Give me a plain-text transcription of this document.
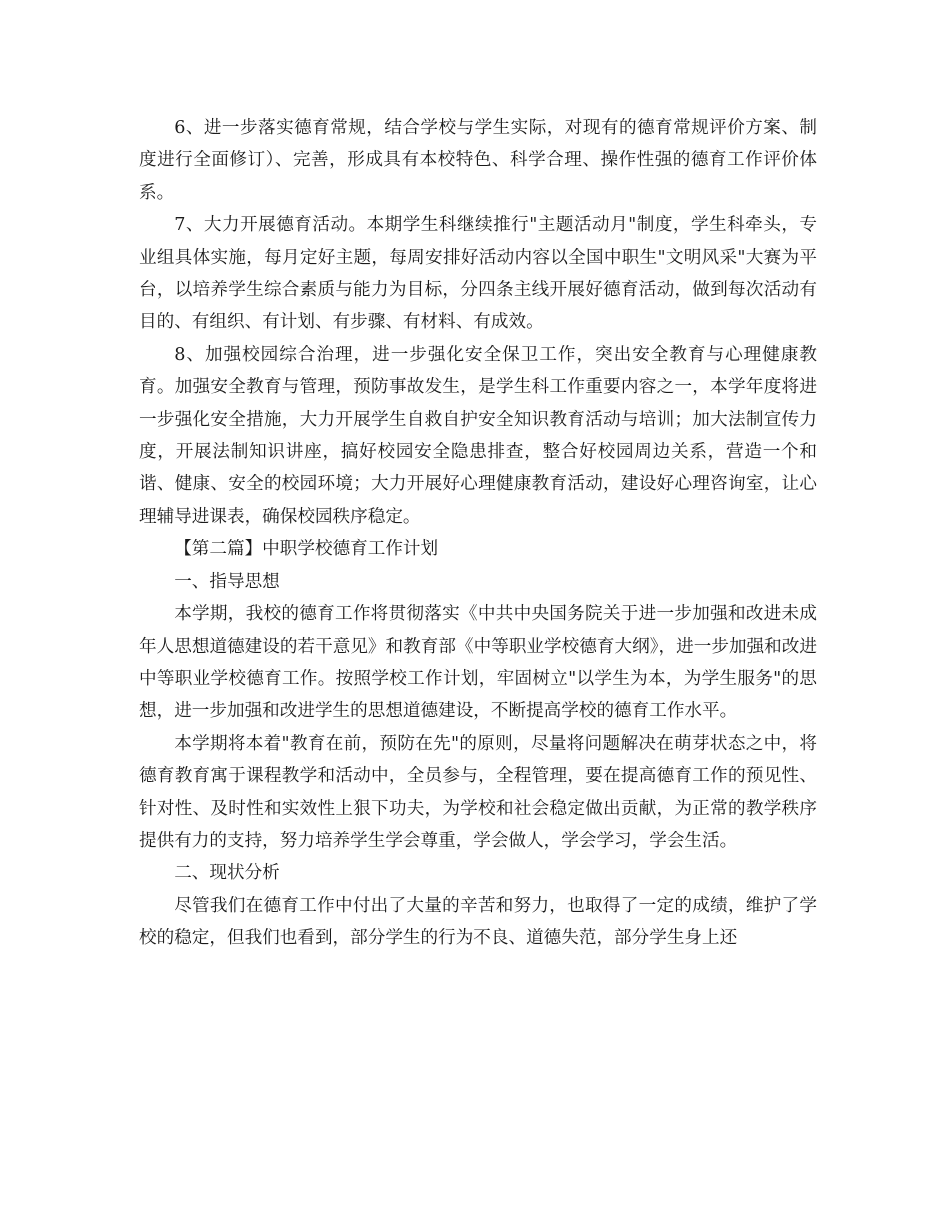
6、进一步落实德育常规，结合学校与学生实际，对现有的德育常规评价方案、制度进行全面修订）、完善，形成具有本校特色、科学合理、操作性强的德育工作评价体系。

7、大力开展德育活动。本期学生科继续推行"主题活动月"制度，学生科牵头，专业组具体实施，每月定好主题，每周安排好活动内容以全国中职生"文明风采"大赛为平台，以培养学生综合素质与能力为目标，分四条主线开展好德育活动，做到每次活动有目的、有组织、有计划、有步骤、有材料、有成效。

8、加强校园综合治理，进一步强化安全保卫工作，突出安全教育与心理健康教育。加强安全教育与管理，预防事故发生，是学生科工作重要内容之一，本学年度将进一步强化安全措施，大力开展学生自救自护安全知识教育活动与培训；加大法制宣传力度，开展法制知识讲座，搞好校园安全隐患排查，整合好校园周边关系，营造一个和谐、健康、安全的校园环境；大力开展好心理健康教育活动，建设好心理咨询室，让心理辅导进课表，确保校园秩序稳定。

【第二篇】中职学校德育工作计划

一、指导思想

本学期，我校的德育工作将贯彻落实《中共中央国务院关于进一步加强和改进未成年人思想道德建设的若干意见》和教育部《中等职业学校德育大纲》，进一步加强和改进中等职业学校德育工作。按照学校工作计划，牢固树立"以学生为本，为学生服务"的思想，进一步加强和改进学生的思想道德建设，不断提高学校的德育工作水平。

本学期将本着"教育在前，预防在先"的原则，尽量将问题解决在萌芽状态之中，将德育教育寓于课程教学和活动中，全员参与，全程管理，要在提高德育工作的预见性、针对性、及时性和实效性上狠下功夫，为学校和社会稳定做出贡献，为正常的教学秩序提供有力的支持，努力培养学生学会尊重，学会做人，学会学习，学会生活。

二、现状分析

尽管我们在德育工作中付出了大量的辛苦和努力，也取得了一定的成绩，维护了学校的稳定，但我们也看到，部分学生的行为不良、道德失范，部分学生身上还
